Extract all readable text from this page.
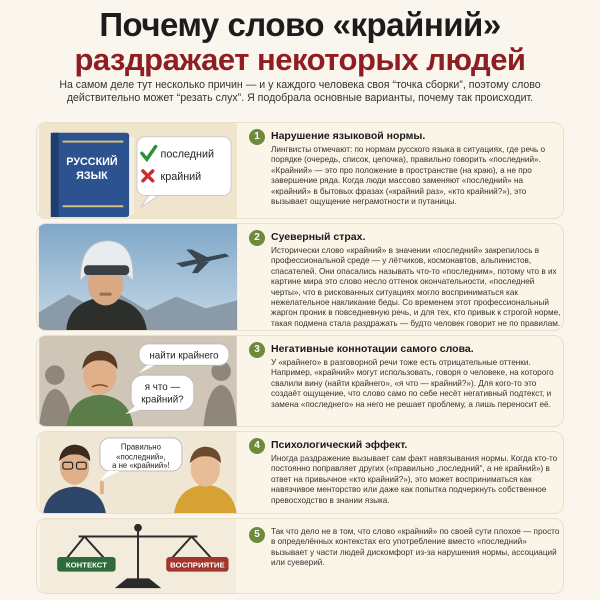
Почему слово «крайний»
раздражает некоторых людей
На самом деле тут несколько причин — и у каждого человека своя “точка сборки”, поэтому слово действительно может “резать слух”. Я подобрала основные варианты, почему так происходит.
РУССКИЙ
ЯЗЫК
последний
крайний
1	Нарушение языковой нормы.
Лингвисты отмечают: по нормам русского языка в ситуациях, где речь о порядке (очередь, список, цепочка), правильно говорить «последний». «Крайний» — это про положение в пространстве (на краю), а не про завершение ряда. Когда люди массово заменяют «последний» на «крайний» в бытовых фразах («крайний раз», «кто крайний?»), это вызывает ощущение неграмотности и путаницы.
2	Суеверный страх.
Исторически слово «крайний» в значении «последний» закрепилось в профессиональной среде — у лётчиков, космонавтов, альпинистов, спасателей. Они опасались называть что-то «последним», потому что в их картине мира это слово несло оттенок окончательности, «последней черты», что в рискованных ситуациях могло восприниматься как нежелательное накликание беды. Со временем этот профессиональный жаргон проник в повседневную речь, и для тех, кто привык к строгой норме, такая подмена стала раздражать — будто человек говорит не по правилам.
найти крайнего
я что —
крайний?
3	Негативные коннотации самого слова.
У «крайнего» в разговорной речи тоже есть отрицательные оттенки. Например, «крайний» могут использовать, говоря о человеке, на которого свалили вину (найти крайнего», «я что — крайний?»). Для кого-то это создаёт ощущение, что слово само по себе несёт негативный подтекст, и замена «последнего» на него не решает проблему, а лишь переносит её.
Правильно
«последний»,
а не «крайний»!
4	Психологический эффект.
Иногда раздражение вызывает сам факт навязывания нормы. Когда кто-то постоянно поправляет других («правильно „последний“, а не крайний») в ответ на привычное «кто крайний?»), это может восприниматься как навязчивое менторство или даже как попытка подчеркнуть собственное превосходство в знании языка.
КОНТЕКСТ	ВОСПРИЯТИЕ
5	Так что дело не в том, что слово «крайний» по своей сути плохое — просто в определённых контекстах его употребление вместо «последний» вызывает у части людей дискомфорт из-за нарушения нормы, ассоциаций или суеверий.
